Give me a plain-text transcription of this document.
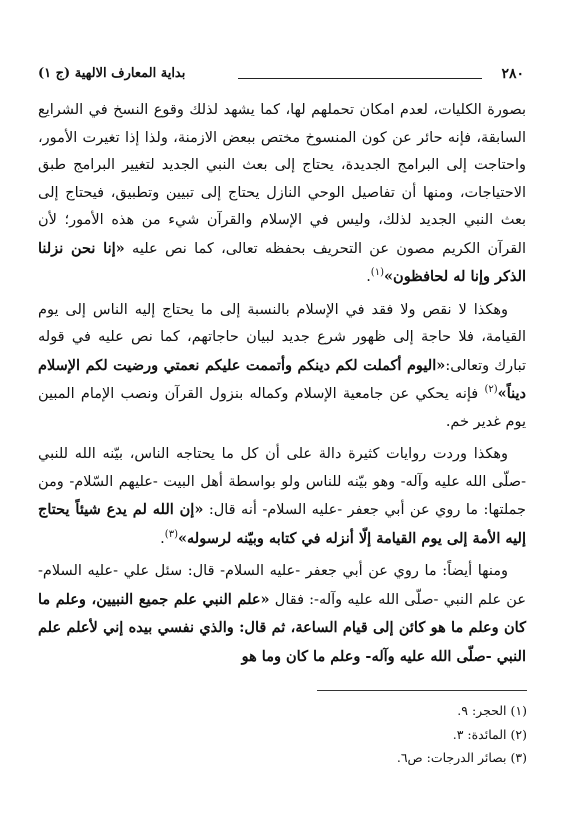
٢٨٠
بداية المعارف الالهية (ج ١)

بصورة الكليات، لعدم امكان تحملهم لها، كما يشهد لذلك وقوع النسخ في الشرايع السابقة، فإنه حائر عن كون المنسوخ مختص ببعض الازمنة، ولذا إذا تغيرت الأمور، واحتاجت إلى البرامج الجديدة، يحتاج إلى بعث النبي الجديد لتغيير البرامج طبق الاحتياجات، ومنها أن تفاصيل الوحي النازل يحتاج إلى تبيين وتطبيق، فيحتاج إلى بعث النبي الجديد لذلك، وليس في الإسلام والقرآن شيء من هذه الأمور؛ لأن القرآن الكريم مصون عن التحريف بحفظه تعالى، كما نص عليه «إنا نحن نزلنا الذكر وإنا له لحافظون»$^{(١)}$.

وهكذا لا نقص ولا فقد في الإسلام بالنسبة إلى ما يحتاج إليه الناس إلى يوم القيامة، فلا حاجة إلى ظهور شرع جديد لبيان حاجاتهم، كما نص عليه في قوله تبارك وتعالى:«اليوم أكملت لكم دينكم وأتممت عليكم نعمتي ورضيت لكم الإسلام ديناً»$^{(٢)}$ فإنه يحكي عن جامعية الإسلام وكماله بنزول القرآن ونصب الإمام المبين يوم غدير خم.

وهكذا وردت روايات كثيرة دالة على أن كل ما يحتاجه الناس، بيّنه الله للنبي -صلّى الله عليه وآله- وهو بيّنه للناس ولو بواسطة أهل البيت -عليهم السّلام- ومن جملتها: ما روي عن أبي جعفر -عليه السلام- أنه قال: «إن الله لم يدع شيئاً يحتاج إليه الأمة إلى يوم القيامة إلّا أنزله في كتابه وبيّنه لرسوله»$^{(٣)}$.

ومنها أيضاً: ما روي عن أبي جعفر -عليه السلام- قال: سئل علي -عليه السلام- عن علم النبي -صلّى الله عليه وآله-: فقال «علم النبي علم جميع النبيين، وعلم ما كان وعلم ما هو كائن إلى قيام الساعة، ثم قال: والذي نفسي بيده إني لأعلم علم النبي -صلّى الله عليه وآله- وعلم ما كان وما هو

(١) الحجر: ٩.

(٢) المائدة: ٣.

(٣) بصائر الدرجات: ص٦.
